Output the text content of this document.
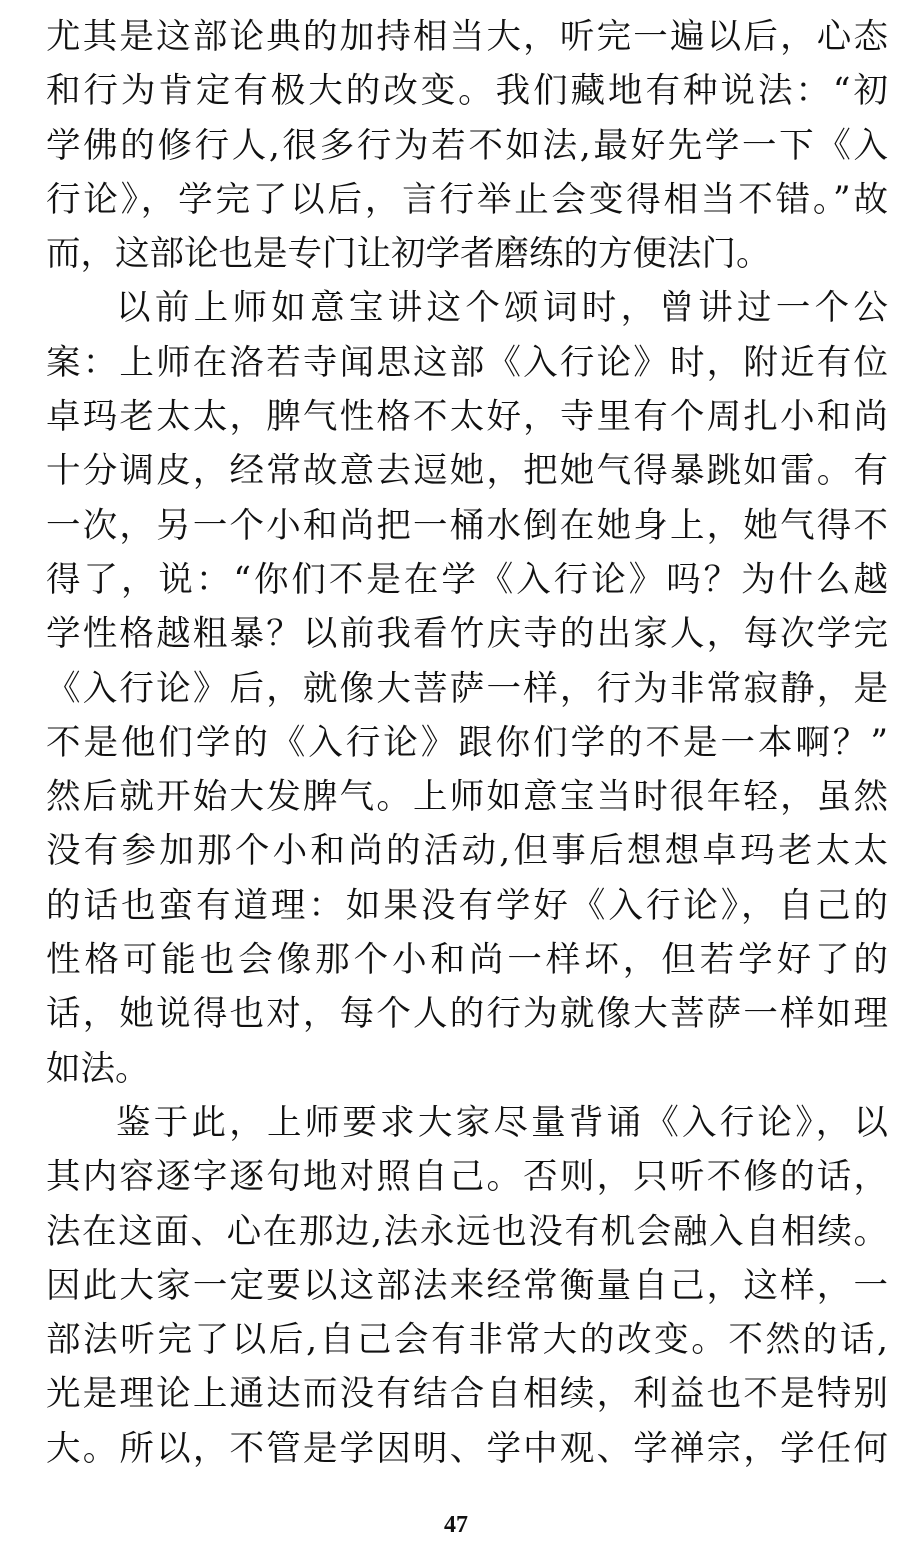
尤其是这部论典的加持相当大，听完一遍以后，心态
和行为肯定有极大的改变。我们藏地有种说法：“初
学佛的修行人,很多行为若不如法,最好先学一下《入
行论》，学完了以后，言行举止会变得相当不错。”故
而，这部论也是专门让初学者磨练的方便法门。
以前上师如意宝讲这个颂词时，曾讲过一个公
案：上师在洛若寺闻思这部《入行论》时，附近有位
卓玛老太太，脾气性格不太好，寺里有个周扎小和尚
十分调皮，经常故意去逗她，把她气得暴跳如雷。有
一次，另一个小和尚把一桶水倒在她身上，她气得不
得了，说：“你们不是在学《入行论》吗？为什么越
学性格越粗暴？以前我看竹庆寺的出家人，每次学完
《入行论》后，就像大菩萨一样，行为非常寂静，是
不是他们学的《入行论》跟你们学的不是一本啊？”
然后就开始大发脾气。上师如意宝当时很年轻，虽然
没有参加那个小和尚的活动,但事后想想卓玛老太太
的话也蛮有道理：如果没有学好《入行论》，自己的
性格可能也会像那个小和尚一样坏，但若学好了的
话，她说得也对，每个人的行为就像大菩萨一样如理
如法。
鉴于此，上师要求大家尽量背诵《入行论》，以
其内容逐字逐句地对照自己。否则，只听不修的话，
法在这面、心在那边,法永远也没有机会融入自相续。
因此大家一定要以这部法来经常衡量自己，这样，一
部法听完了以后,自己会有非常大的改变。不然的话,
光是理论上通达而没有结合自相续，利益也不是特别
大。所以，不管是学因明、学中观、学禅宗，学任何
47
